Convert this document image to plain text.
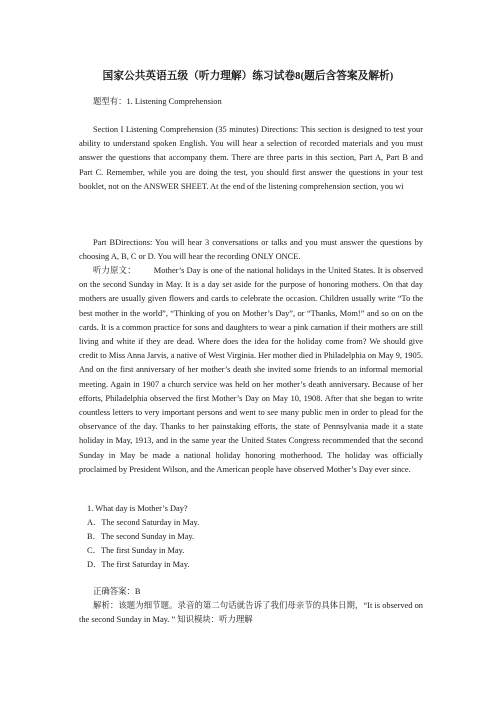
国家公共英语五级（听力理解）练习试卷8(题后含答案及解析)
题型有：1. Listening Comprehension

Section I Listening Comprehension (35 minutes) Directions: This section is designed to test your ability to understand spoken English. You will hear a selection of recorded materials and you must answer the questions that accompany them. There are three parts in this section, Part A, Part B and Part C. Remember, while you are doing the test, you should first answer the questions in your test booklet, not on the ANSWER SHEET. At the end of the listening comprehension section, you wi

Part BDirections: You will hear 3 conversations or talks and you must answer the questions by choosing A, B, C or D. You will hear the recording ONLY ONCE.

听力原文： Mother’s Day is one of the national holidays in the United States. It is observed on the second Sunday in May. It is a day set aside for the purpose of honoring mothers. On that day mothers are usually given flowers and cards to celebrate the occasion. Children usually write “To the best mother in the world”, “Thinking of you on Mother’s Day”, or “Thanks, Mom!” and so on on the cards. It is a common practice for sons and daughters to wear a pink carnation if their mothers are still living and white if they are dead. Where does the idea for the holiday come from? We should give credit to Miss Anna Jarvis, a native of West Virginia. Her mother died in Philadelphia on May 9, 1905. And on the first anniversary of her mother’s death she invited some friends to an informal memorial meeting. Again in 1907 a church service was held on her mother’s death anniversary. Because of her efforts, Philadelphia observed the first Mother’s Day on May 10, 1908. After that she began to write countless letters to very important persons and went to see many public men in order to plead for the observance of the day. Thanks to her painstaking efforts, the state of Pennsylvania made it a state holiday in May, 1913, and in the same year the United States Congress recommended that the second Sunday in May be made a national holiday honoring motherhood. The holiday was officially proclaimed by President Wilson, and the American people have observed Mother’s Day ever since.

1. What day is Mother’s Day?
A．The second Saturday in May.
B．The second Sunday in May.
C．The first Sunday in May.
D．The first Saturday in May.
正确答案：B

解析：该题为细节题。录音的第二句话就告诉了我们母亲节的具体日期，“It is observed on the second Sunday in May. ” 知识模块：听力理解
